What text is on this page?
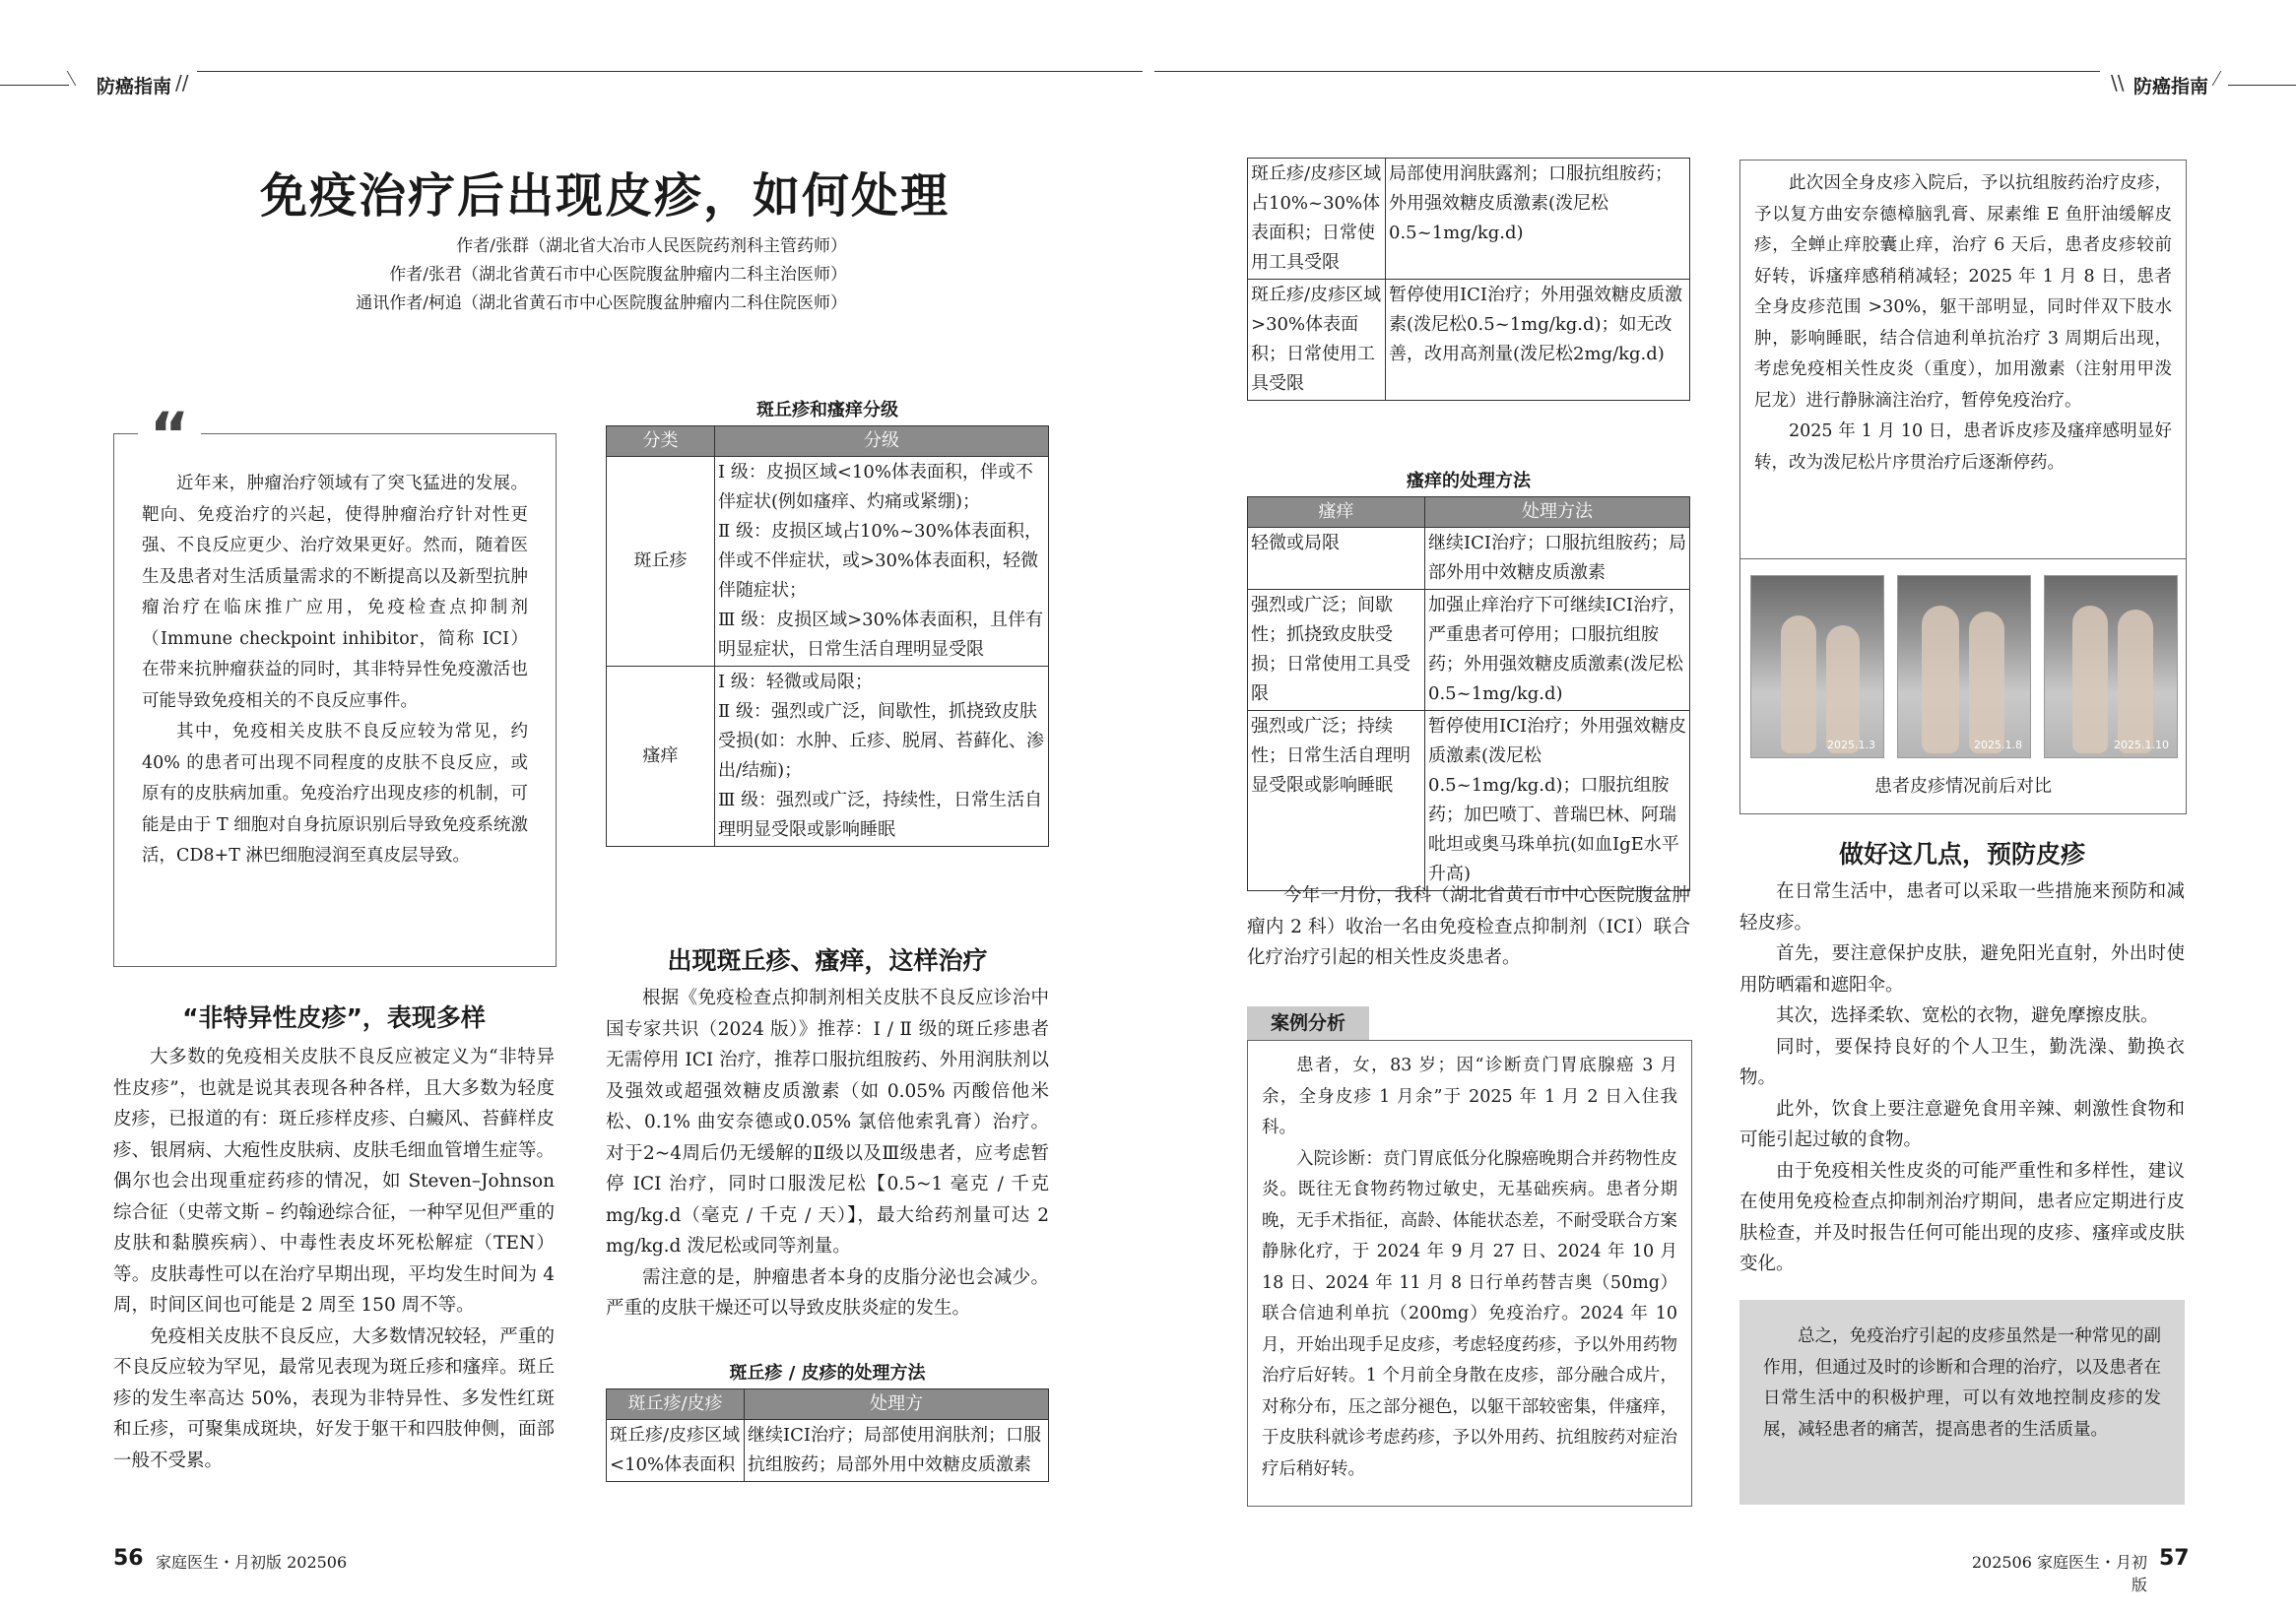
防癌指南 //	\\ 防癌指南
免疫治疗后出现皮疹，如何处理
作者/张群（湖北省大冶市人民医院药剂科主管药师）
作者/张君（湖北省黄石市中心医院腹盆肿瘤内二科主治医师）
通讯作者/柯追（湖北省黄石市中心医院腹盆肿瘤内二科住院医师）
“

近年来，肿瘤治疗领域有了突飞猛进的发展。靶向、免疫治疗的兴起，使得肿瘤治疗针对性更强、不良反应更少、治疗效果更好。然而，随着医生及患者对生活质量需求的不断提高以及新型抗肿瘤治疗在临床推广应用，免疫检查点抑制剂（Immune checkpoint inhibitor，简称 ICI）在带来抗肿瘤获益的同时，其非特异性免疫激活也可能导致免疫相关的不良反应事件。

其中，免疫相关皮肤不良反应较为常见，约 40% 的患者可出现不同程度的皮肤不良反应，或原有的皮肤病加重。免疫治疗出现皮疹的机制，可能是由于 T 细胞对自身抗原识别后导致免疫系统激活，CD8+T 淋巴细胞浸润至真皮层导致。

“非特异性皮疹”，表现多样

大多数的免疫相关皮肤不良反应被定义为“非特异性皮疹”，也就是说其表现各种各样，且大多数为轻度皮疹，已报道的有：斑丘疹样皮疹、白癜风、苔藓样皮疹、银屑病、大疱性皮肤病、皮肤毛细血管增生症等。偶尔也会出现重症药疹的情况，如 Steven–Johnson 综合征（史蒂文斯 – 约翰逊综合征，一种罕见但严重的皮肤和黏膜疾病）、中毒性表皮坏死松解症（TEN）等。皮肤毒性可以在治疗早期出现，平均发生时间为 4 周，时间区间也可能是 2 周至 150 周不等。

免疫相关皮肤不良反应，大多数情况较轻，严重的不良反应较为罕见，最常见表现为斑丘疹和瘙痒。斑丘疹的发生率高达 50%，表现为非特异性、多发性红斑和丘疹，可聚集成斑块，好发于躯干和四肢伸侧，面部一般不受累。

斑丘疹和瘙痒分级
分类	分级
斑丘疹	Ⅰ 级：皮损区域<10%体表面积，伴或不伴症状(例如瘙痒、灼痛或紧绷)；
Ⅱ 级：皮损区域占10%~30%体表面积，伴或不伴症状，或>30%体表面积，轻微伴随症状；
Ⅲ 级：皮损区域>30%体表面积，且伴有明显症状，日常生活自理明显受限

瘙痒	Ⅰ 级：轻微或局限；
Ⅱ 级：强烈或广泛，间歇性，抓挠致皮肤受损(如：水肿、丘疹、脱屑、苔藓化、渗出/结痂)；
Ⅲ 级：强烈或广泛，持续性，日常生活自理明显受限或影响睡眠
出现斑丘疹、瘙痒，这样治疗

根据《免疫检查点抑制剂相关皮肤不良反应诊治中国专家共识（2024 版）》推荐：Ⅰ / Ⅱ 级的斑丘疹患者无需停用 ICI 治疗，推荐口服抗组胺药、外用润肤剂以及强效或超强效糖皮质激素（如 0.05% 丙酸倍他米松、0.1% 曲安奈德或0.05% 氯倍他索乳膏）治疗。对于2~4周后仍无缓解的Ⅱ级以及Ⅲ级患者，应考虑暂停 ICI 治疗，同时口服泼尼松【0.5~1 毫克 / 千克 mg/kg.d（毫克 / 千克 / 天）】，最大给药剂量可达 2 mg/kg.d 泼尼松或同等剂量。

需注意的是，肿瘤患者本身的皮脂分泌也会减少。严重的皮肤干燥还可以导致皮肤炎症的发生。

斑丘疹 / 皮疹的处理方法
斑丘疹/皮疹	处理方
斑丘疹/皮疹区域<10%体表面积	继续ICI治疗；局部使用润肤剂；口服抗组胺药；局部外用中效糖皮质激素
斑丘疹/皮疹区域占10%~30%体表面积；日常使用工具受限	局部使用润肤露剂；口服抗组胺药；外用强效糖皮质激素(泼尼松0.5~1mg/kg.d)
斑丘疹/皮疹区域>30%体表面积；日常使用工具受限	暂停使用ICI治疗；外用强效糖皮质激素(泼尼松0.5~1mg/kg.d)；如无改善，改用高剂量(泼尼松2mg/kg.d)
瘙痒的处理方法
瘙痒	处理方法
轻微或局限	继续ICI治疗；口服抗组胺药；局部外用中效糖皮质激素
强烈或广泛；间歇性；抓挠致皮肤受损；日常使用工具受限	加强止痒治疗下可继续ICI治疗，严重患者可停用；口服抗组胺药；外用强效糖皮质激素(泼尼松0.5~1mg/kg.d)
强烈或广泛；持续性；日常生活自理明显受限或影响睡眠	暂停使用ICI治疗；外用强效糖皮质激素(泼尼松0.5~1mg/kg.d)；口服抗组胺药；加巴喷丁、普瑞巴林、阿瑞吡坦或奥马珠单抗(如血IgE水平升高)

今年一月份，我科（湖北省黄石市中心医院腹盆肿瘤内 2 科）收治一名由免疫检查点抑制剂（ICI）联合化疗治疗引起的相关性皮炎患者。

案例分析

患者，女，83 岁；因“诊断贲门胃底腺癌 3 月余，全身皮疹 1 月余”于 2025 年 1 月 2 日入住我科。

入院诊断：贲门胃底低分化腺癌晚期合并药物性皮炎。既往无食物药物过敏史，无基础疾病。患者分期晚，无手术指征，高龄、体能状态差，不耐受联合方案静脉化疗，于 2024 年 9 月 27 日、2024 年 10 月 18 日、2024 年 11 月 8 日行单药替吉奥（50mg）联合信迪利单抗（200mg）免疫治疗。2024 年 10 月，开始出现手足皮疹，考虑轻度药疹，予以外用药物治疗后好转。1 个月前全身散在皮疹，部分融合成片，对称分布，压之部分褪色，以躯干部较密集，伴瘙痒，于皮肤科就诊考虑药疹，予以外用药、抗组胺药对症治疗后稍好转。

此次因全身皮疹入院后，予以抗组胺药治疗皮疹，予以复方曲安奈德樟脑乳膏、尿素维 E 鱼肝油缓解皮疹，全蝉止痒胶囊止痒，治疗 6 天后，患者皮疹较前好转，诉瘙痒感稍稍减轻；2025 年 1 月 8 日，患者全身皮疹范围 >30%，躯干部明显，同时伴双下肢水肿，影响睡眠，结合信迪利单抗治疗 3 周期后出现，考虑免疫相关性皮炎（重度），加用激素（注射用甲泼尼龙）进行静脉滴注治疗，暂停免疫治疗。

2025 年 1 月 10 日，患者诉皮疹及瘙痒感明显好转，改为泼尼松片序贯治疗后逐渐停药。

2025.1.3	2025.1.8	2025.1.10
患者皮疹情况前后对比
做好这几点，预防皮疹

在日常生活中，患者可以采取一些措施来预防和减轻皮疹。

首先，要注意保护皮肤，避免阳光直射，外出时使用防晒霜和遮阳伞。

其次，选择柔软、宽松的衣物，避免摩擦皮肤。

同时，要保持良好的个人卫生，勤洗澡、勤换衣物。

此外，饮食上要注意避免食用辛辣、刺激性食物和可能引起过敏的食物。

由于免疫相关性皮炎的可能严重性和多样性，建议在使用免疫检查点抑制剂治疗期间，患者应定期进行皮肤检查，并及时报告任何可能出现的皮疹、瘙痒或皮肤变化。

总之，免疫治疗引起的皮疹虽然是一种常见的副作用，但通过及时的诊断和合理的治疗，以及患者在日常生活中的积极护理，可以有效地控制皮疹的发展，减轻患者的痛苦，提高患者的生活质量。

56 家庭医生・月初版 202506	202506 家庭医生・月初版
57
